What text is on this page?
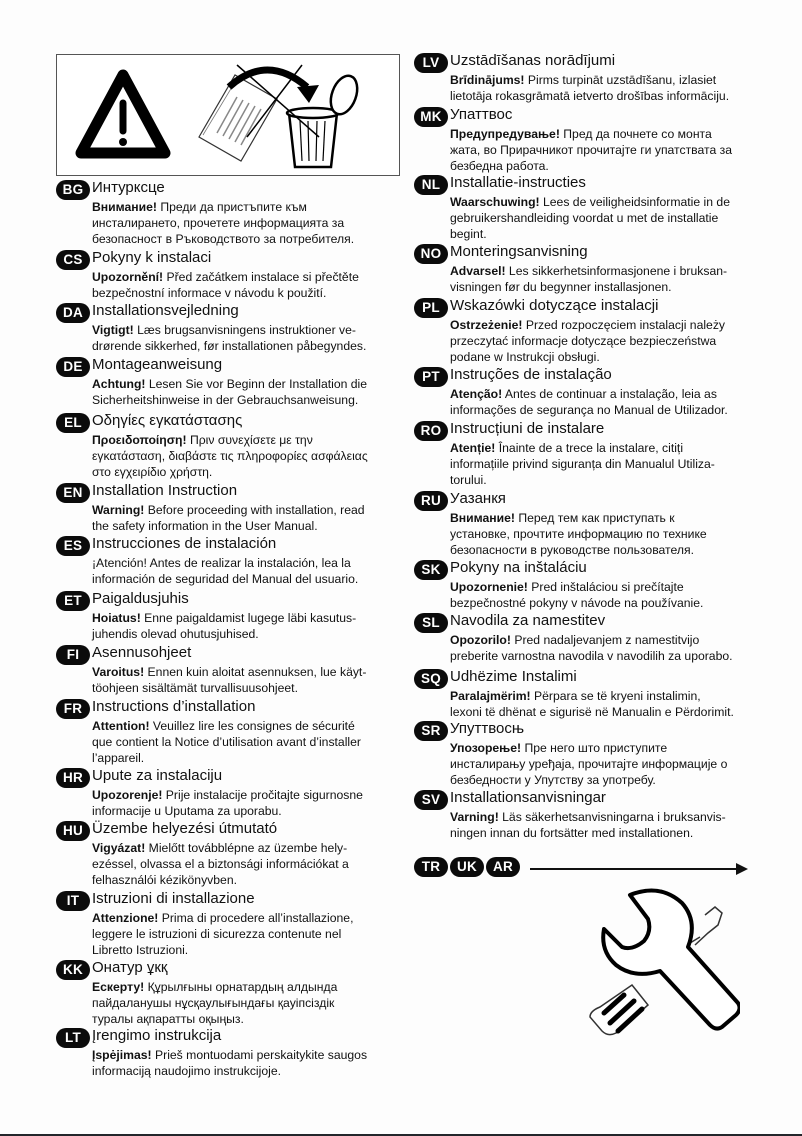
BG Интурксце
Внимание! Преди да пристъпите към
инсталирането, прочетете информацията за
безопасност в Ръководството за потребителя.
CS Pokyny k instalaci
Upozornění! Před začátkem instalace si přečtěte
bezpečnostní informace v návodu k použití.
DA Installationsvejledning
Vigtigt! Læs brugsanvisningens instruktioner ve-
drørende sikkerhed, før installationen påbegyndes.
DE Montageanweisung
Achtung! Lesen Sie vor Beginn der Installation die
Sicherheitshinweise in der Gebrauchsanweisung.
EL Οδηγίες εγκατάστασης
Προειδοποίηση! Πριν συνεχίσετε με την
εγκατάσταση, διαβάστε τις πληροφορίες ασφάλειας
στο εγχειρίδιο χρήστη.
EN Installation Instruction
Warning! Before proceeding with installation, read
the safety information in the User Manual.
ES Instrucciones de instalación
¡Atención! Antes de realizar la instalación, lea la
información de seguridad del Manual del usuario.
ET Paigaldusjuhis
Hoiatus! Enne paigaldamist lugege läbi kasutus-
juhendis olevad ohutusjuhised.
FI Asennusohjeet
Varoitus! Ennen kuin aloitat asennuksen, lue käyt-
töohjeen sisältämät turvallisuusohjeet.
FR Instructions d’installation
Attention! Veuillez lire les consignes de sécurité
que contient la Notice d’utilisation avant d’installer
l’appareil.
HR Upute za instalaciju
Upozorenje! Prije instalacije pročitajte sigurnosne
informacije u Uputama za uporabu.
HU Üzembe helyezési útmutató
Vigyázat! Mielőtt továbblépne az üzembe hely-
ezéssel, olvassa el a biztonsági információkat a
felhasználói kézikönyvben.
IT Istruzioni di installazione
Attenzione! Prima di procedere all’installazione,
leggere le istruzioni di sicurezza contenute nel
Libretto Istruzioni.
KK Онатур ұкқ
Ескерту! Құрылғыны орнатардың алдында
пайдаланушы нұсқаулығындағы қауіпсіздік
туралы ақпаратты оқыңыз.
LT Įrengimo instrukcija
Įspėjimas! Prieš montuodami perskaitykite saugos
informaciją naudojimo instrukcijoje.
LV Uzstādīšanas norādījumi
Brīdinājums! Pirms turpināt uzstādīšanu, izlasiet
lietotāja rokasgrāmatā ietverto drošības informāciju.
MK Упаттвос
Предупредување! Пред да почнете со монта
жата, во Прирачникот прочитајте ги упатствата за
безбедна работа.
NL Installatie-instructies
Waarschuwing! Lees de veiligheidsinformatie in de
gebruikershandleiding voordat u met de installatie
begint.
NO Monteringsanvisning
Advarsel! Les sikkerhetsinformasjonene i bruksan-
visningen før du begynner installasjonen.
PL Wskazówki dotyczące instalacji
Ostrzeżenie! Przed rozpoczęciem instalacji należy
przeczytać informacje dotyczące bezpieczeństwa
podane w Instrukcji obsługi.
PT Instruções de instalação
Atenção! Antes de continuar a instalação, leia as
informações de segurança no Manual de Utilizador.
RO Instrucțiuni de instalare
Atenție! Înainte de a trece la instalare, citiți
informațiile privind siguranța din Manualul Utiliza-
torului.
RU Уазанкя
Внимание! Перед тем как приступать к
установке, прочтите информацию по технике
безопасности в руководстве пользователя.
SK Pokyny na inštaláciu
Upozornenie! Pred inštaláciou si prečítajte
bezpečnostné pokyny v návode na používanie.
SL Navodila za namestitev
Opozorilo! Pred nadaljevanjem z namestitvijo
preberite varnostna navodila v navodilih za uporabo.
SQ Udhëzime Instalimi
Paralajmërim! Përpara se të kryeni instalimin,
lexoni të dhënat e sigurisë në Manualin e Përdorimit.
SR Упуттвосњ
Упозорење! Пре него што приступите
инсталирању уређаја, прочитајте информације о
безбедности у Упутству за употребу.
SV Installationsanvisningar
Varning! Läs säkerhetsanvisningarna i bruksanvis-
ningen innan du fortsätter med installationen.
TR	UK	AR
